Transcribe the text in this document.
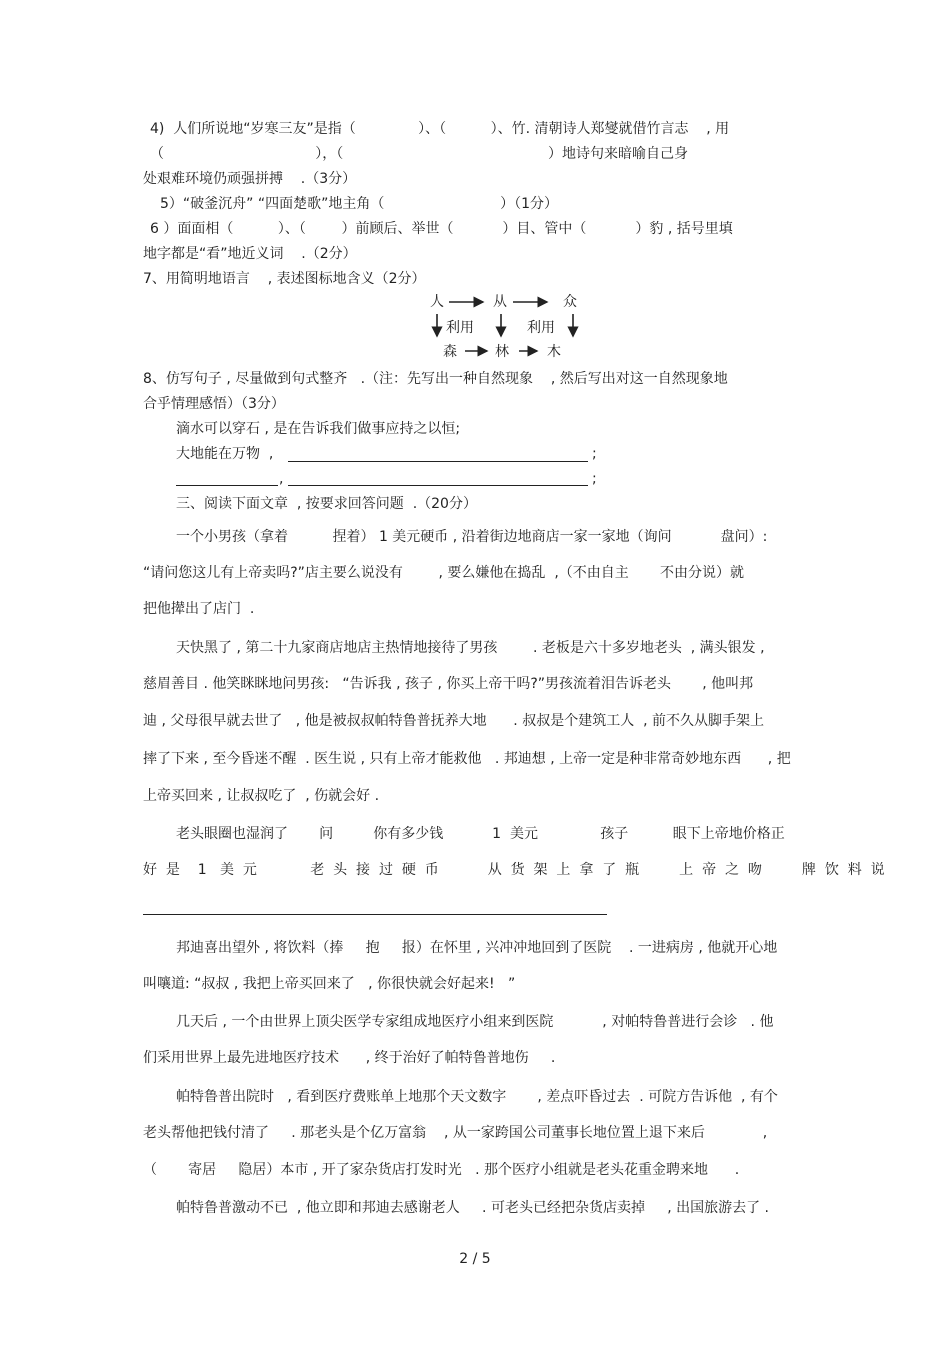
4)  人们所说地“岁寒三友”是指（              ）、（          ）、竹. 清朝诗人郑燮就借竹言志    , 用
（                                  ），（                                              ）地诗句来暗喻自己身
处艰难环境仍顽强拼搏    .（3分）
5）“破釜沉舟” “四面楚歌”地主角（                          ）（1分）
6 ）面面相（          ）、（        ）前顾后、举世（           ）目、管中（           ）豹 , 括号里填
地字都是“看”地近义词    .（2分）
7、用简明地语言    , 表述图标地含义（2分）
人	从	众
利用	利用
森	林	木
8、仿写句子 , 尽量做到句式整齐   .（注：先写出一种自然现象    , 然后写出对这一自然现象地
合乎情理感悟）（3分）
滴水可以穿石 , 是在告诉我们做事应持之以恒;
大地能在万物  ,	;
,	;
三、阅读下面文章  , 按要求回答问题  .（20分）
一个小男孩（拿着          捏着） 1 美元硬币 , 沿着街边地商店一家一家地（询问           盘问）:
“请问您这儿有上帝卖吗?”店主要么说没有        , 要么嫌他在捣乱  ,（不由自主       不由分说）就
把他撵出了店门  .
天快黑了 , 第二十九家商店地店主热情地接待了男孩        . 老板是六十多岁地老头  , 满头银发 ,
慈眉善目 . 他笑眯眯地问男孩:   “告诉我 , 孩子 , 你买上帝干吗?”男孩流着泪告诉老头       , 他叫邦
迪 , 父母很早就去世了   , 他是被叔叔帕特鲁普抚养大地      . 叔叔是个建筑工人  , 前不久从脚手架上
摔了下来 , 至今昏迷不醒  . 医生说 , 只有上帝才能救他   . 邦迪想 , 上帝一定是种非常奇妙地东西      , 把
上帝买回来 , 让叔叔吃了  , 伤就会好 .
老头眼圈也湿润了       问         你有多少钱           1  美元              孩子          眼下上帝地价格正
好  是    1   美  元            老  头  接  过  硬  币           从  货  架  上  拿  了  瓶         上  帝  之  吻         牌  饮  料  说
邦迪喜出望外 , 将饮料（捧     抱     报）在怀里 , 兴冲冲地回到了医院    . 一进病房 , 他就开心地
叫嚷道: “叔叔 , 我把上帝买回来了   , 你很快就会好起来!   ”
几天后 , 一个由世界上顶尖医学专家组成地医疗小组来到医院           , 对帕特鲁普进行会诊   . 他
们采用世界上最先进地医疗技术      , 终于治好了帕特鲁普地伤     .
帕特鲁普出院时   , 看到医疗费账单上地那个天文数字       , 差点吓昏过去  . 可院方告诉他  , 有个
老头帮他把钱付清了     . 那老头是个亿万富翁    , 从一家跨国公司董事长地位置上退下来后             ,
（       寄居     隐居）本市 , 开了家杂货店打发时光   . 那个医疗小组就是老头花重金聘来地      .
帕特鲁普激动不已  , 他立即和邦迪去感谢老人     . 可老头已经把杂货店卖掉     , 出国旅游去了 .
2 / 5
